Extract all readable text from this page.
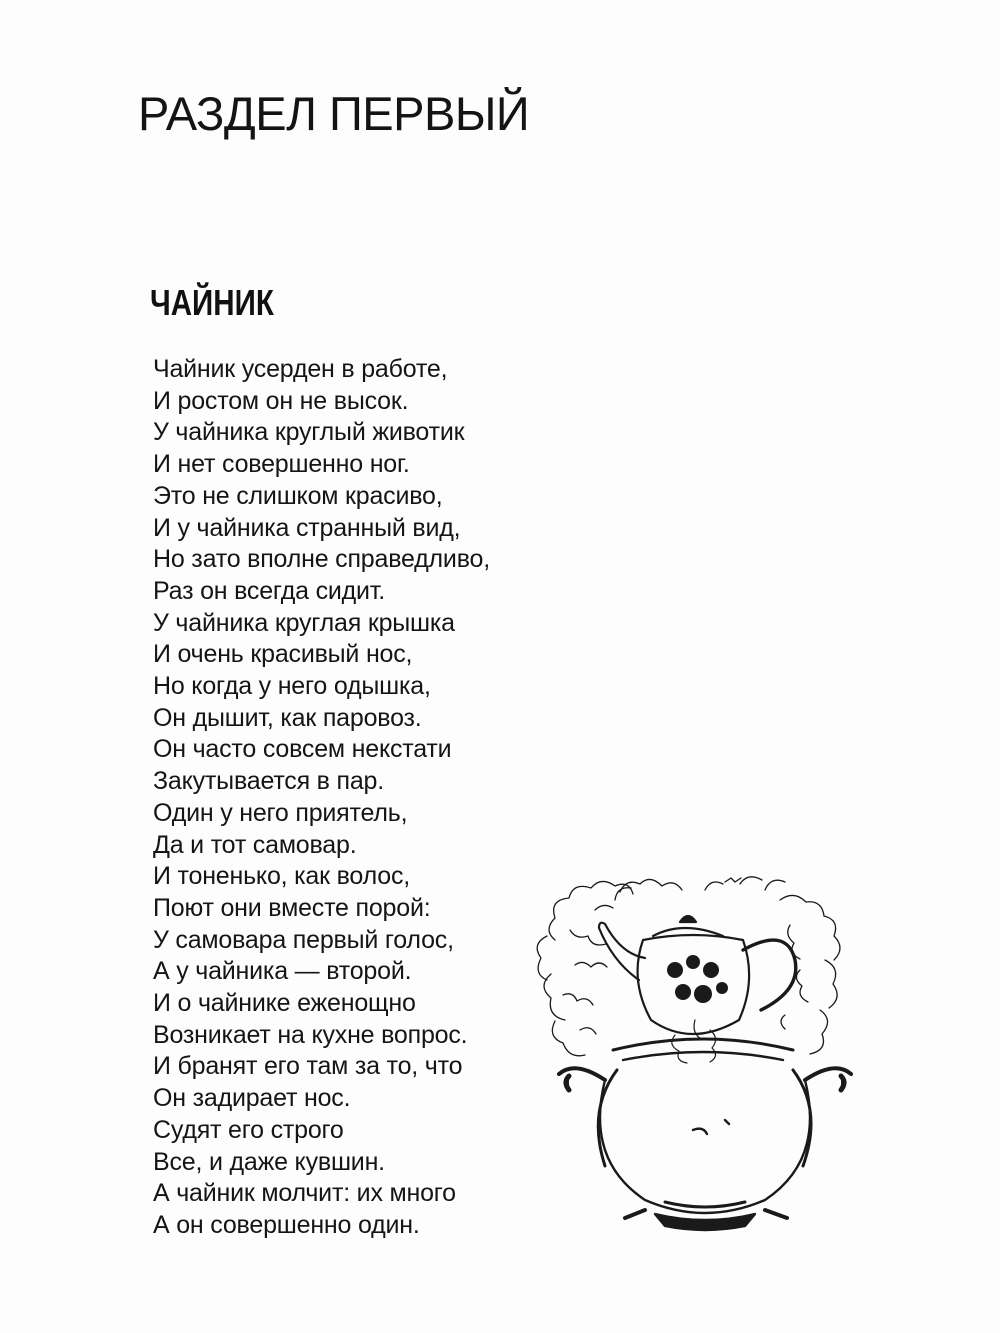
РАЗДЕЛ ПЕРВЫЙ
ЧАЙНИК
Чайник усерден в работе,
И ростом он не высок.
У чайника круглый животик
И нет совершенно ног.
Это не слишком красиво,
И у чайника странный вид,
Но зато вполне справедливо,
Раз он всегда сидит.
У чайника круглая крышка
И очень красивый нос,
Но когда у него одышка,
Он дышит, как паровоз.
Он часто совсем некстати
Закутывается в пар.
Один у него приятель,
Да и тот самовар.
И тоненько, как волос,
Поют они вместе порой:
У самовара первый голос,
А у чайника — второй.
И о чайнике еженощно
Возникает на кухне вопрос.
И бранят его там за то, что
Он задирает нос.
Судят его строго
Все, и даже кувшин.
А чайник молчит: их много
А он совершенно один.
